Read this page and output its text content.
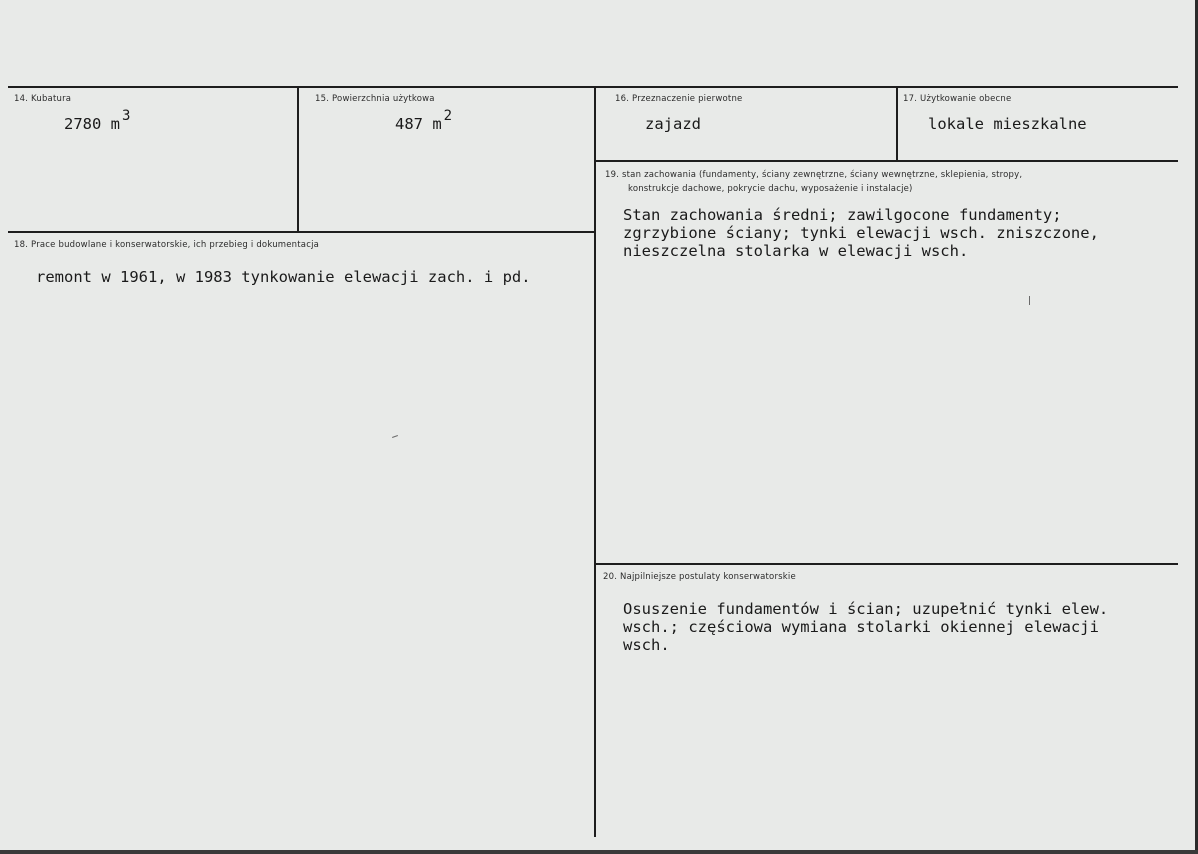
14. Kubatura
2780 m 3
15. Powierzchnia użytkowa
487 m 2
16. Przeznaczenie pierwotne
zajazd
17. Użytkowanie obecne
lokale mieszkalne
18. Prace budowlane i konserwatorskie, ich przebieg i dokumentacja
remont w 1961, w 1983 tynkowanie elewacji zach. i pd.
19. stan zachowania (fundamenty, ściany zewnętrzne, ściany wewnętrzne, sklepienia, stropy,
konstrukcje dachowe, pokrycie dachu, wyposażenie i instalacje)
Stan zachowania średni; zawilgocone fundamenty;
zgrzybione ściany; tynki elewacji wsch. zniszczone,
nieszczelna stolarka w elewacji wsch.
20. Najpilniejsze postulaty konserwatorskie
Osuszenie fundamentów i ścian; uzupełnić tynki elew.
wsch.; częściowa wymiana stolarki okiennej elewacji
wsch.
